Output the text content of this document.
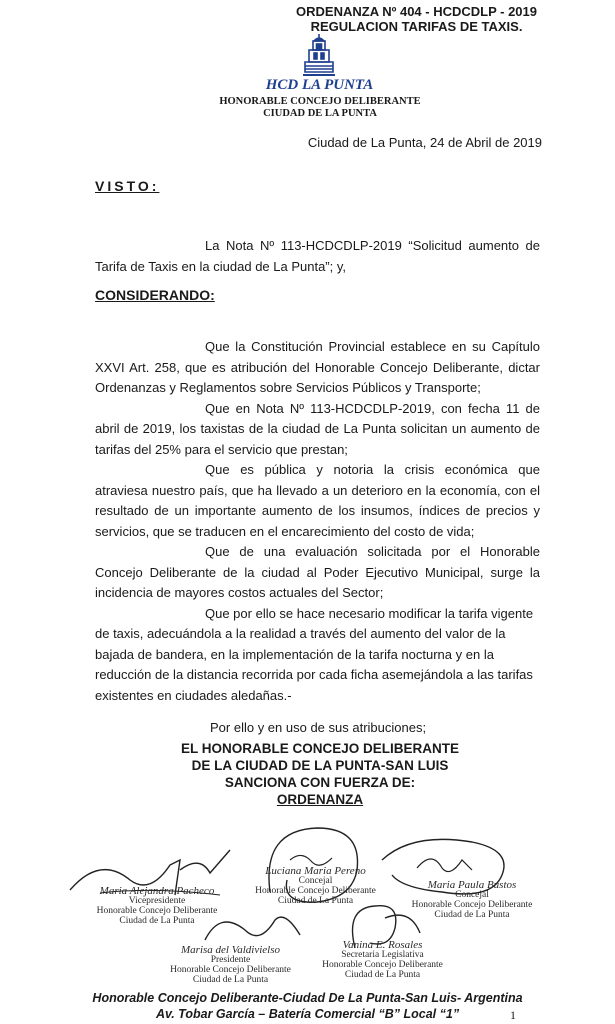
ORDENANZA Nº 404 - HCDCDLP - 2019
REGULACION TARIFAS DE TAXIS.
HCD LA PUNTA
HONORABLE CONCEJO DELIBERANTE
CIUDAD DE LA PUNTA
Ciudad de La Punta, 24 de Abril de 2019
VISTO:

La Nota Nº 113-HCDCDLP-2019 “Solicitud aumento de Tarifa de Taxis en la ciudad de La Punta”; y,

CONSIDERANDO:

Que la Constitución Provincial establece en su Capítulo XXVI Art. 258, que es atribución del Honorable Concejo Deliberante, dictar Ordenanzas y Reglamentos sobre Servicios Públicos y Transporte;

Que en Nota Nº 113-HCDCDLP-2019, con fecha 11 de abril de 2019, los taxistas de la ciudad de La Punta solicitan un aumento de tarifas del 25% para el servicio que prestan;

Que es pública y notoria la crisis económica que atraviesa nuestro país, que ha llevado a un deterioro en la economía, con el resultado de un importante aumento de los insumos, índices de precios y servicios, que se traducen en el encarecimiento del costo de vida;

Que de una evaluación solicitada por el Honorable Concejo Deliberante de la ciudad al Poder Ejecutivo Municipal, surge la incidencia de mayores costos actuales del Sector;

Que por ello se hace necesario modificar la tarifa vigente de taxis, adecuándola a la realidad a través del aumento del valor de la bajada de bandera, en la implementación de la tarifa nocturna y en la reducción de la distancia recorrida por cada ficha asemejándola a las tarifas existentes en ciudades aledañas.-

Por ello y en uso de sus atribuciones;
EL HONORABLE CONCEJO DELIBERANTE
DE LA CIUDAD DE LA PUNTA-SAN LUIS
SANCIONA CON FUERZA DE:
ORDENANZA
Maria Alejandra Pacheco
Vicepresidente
Honorable Concejo Deliberante
Ciudad de La Punta
Luciana Maria Pereno
Concejal
Honorable Concejo Deliberante
Ciudad de La Punta
Maria Paula Bustos
Concejal
Honorable Concejo Deliberante
Ciudad de La Punta
Marisa del Valdivielso
Presidente
Honorable Concejo Deliberante
Ciudad de La Punta
Vanina E. Rosales
Secretaria Legislativa
Honorable Concejo Deliberante
Ciudad de La Punta
Honorable Concejo Deliberante-Ciudad De La Punta-San Luis- Argentina
Av. Tobar García – Batería Comercial “B” Local “1”	1
